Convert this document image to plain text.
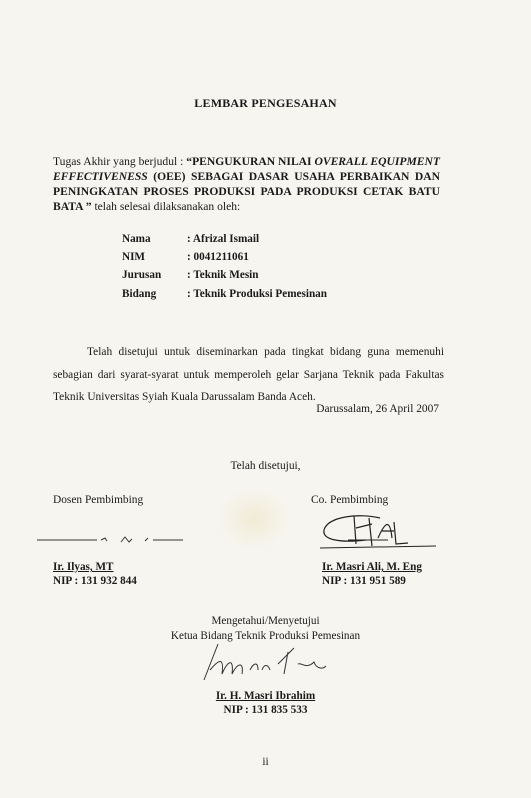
LEMBAR PENGESAHAN
Tugas Akhir yang berjudul : “PENGUKURAN NILAI OVERALL EQUIPMENT EFFECTIVENESS (OEE) SEBAGAI DASAR USAHA PERBAIKAN DAN PENINGKATAN PROSES PRODUKSI PADA PRODUKSI CETAK BATU BATA ” telah selesai dilaksanakan oleh:
Nama	: Afrizal Ismail
NIM	: 0041211061
Jurusan	: Teknik Mesin
Bidang	: Teknik Produksi Pemesinan
Telah disetujui untuk diseminarkan pada tingkat bidang guna memenuhi sebagian dari syarat-syarat untuk memperoleh gelar Sarjana Teknik pada Fakultas Teknik Universitas Syiah Kuala Darussalam Banda Aceh.
Darussalam, 26 April 2007
Telah disetujui,
Dosen Pembimbing	Co. Pembimbing
Ir. Ilyas, MT
NIP : 131 932 844
Ir. Masri Ali, M. Eng
NIP : 131 951 589
Mengetahui/Menyetujui
Ketua Bidang Teknik Produksi Pemesinan
Ir. H. Masri Ibrahim
NIP : 131 835 533
ii
